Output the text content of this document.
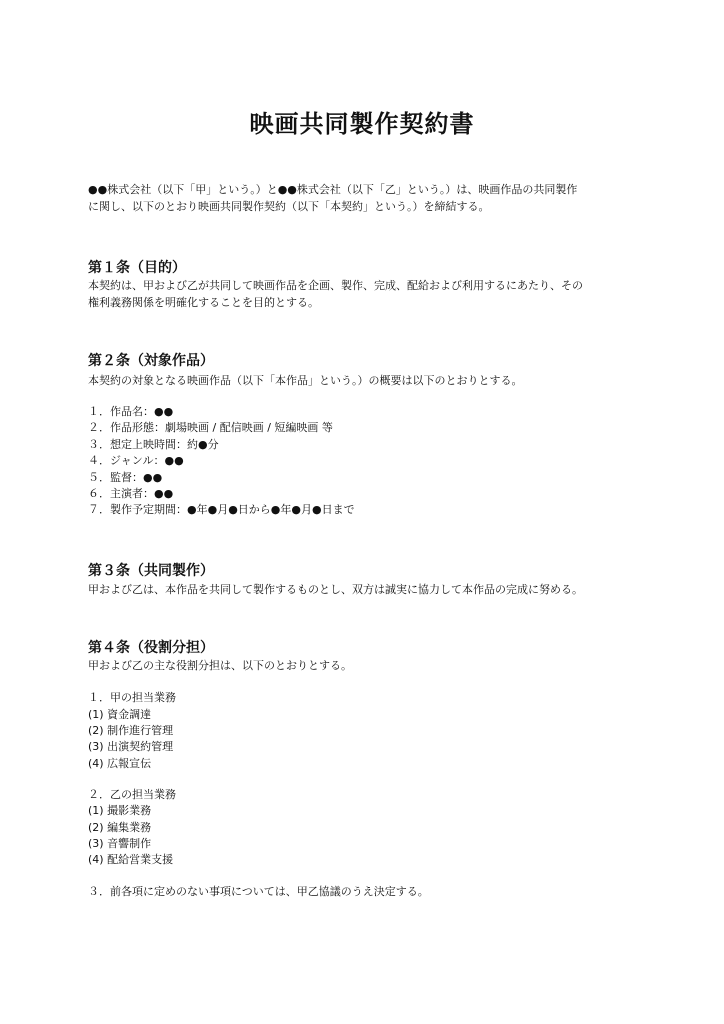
映画共同製作契約書
●●株式会社（以下「甲」という。）と●●株式会社（以下「乙」という。）は、映画作品の共同製作
に関し、以下のとおり映画共同製作契約（以下「本契約」という。）を締結する。
第１条（目的）
本契約は、甲および乙が共同して映画作品を企画、製作、完成、配給および利用するにあたり、その
権利義務関係を明確化することを目的とする。
第２条（対象作品）
本契約の対象となる映画作品（以下「本作品」という。）の概要は以下のとおりとする。
１．作品名：●●
２．作品形態：劇場映画 / 配信映画 / 短編映画 等
３．想定上映時間：約●分
４．ジャンル：●●
５．監督：●●
６．主演者：●●
７．製作予定期間：●年●月●日から●年●月●日まで
第３条（共同製作）
甲および乙は、本作品を共同して製作するものとし、双方は誠実に協力して本作品の完成に努める。
第４条（役割分担）
甲および乙の主な役割分担は、以下のとおりとする。
１．甲の担当業務
(1) 資金調達
(2) 制作進行管理
(3) 出演契約管理
(4) 広報宣伝
２．乙の担当業務
(1) 撮影業務
(2) 編集業務
(3) 音響制作
(4) 配給営業支援
３．前各項に定めのない事項については、甲乙協議のうえ決定する。
